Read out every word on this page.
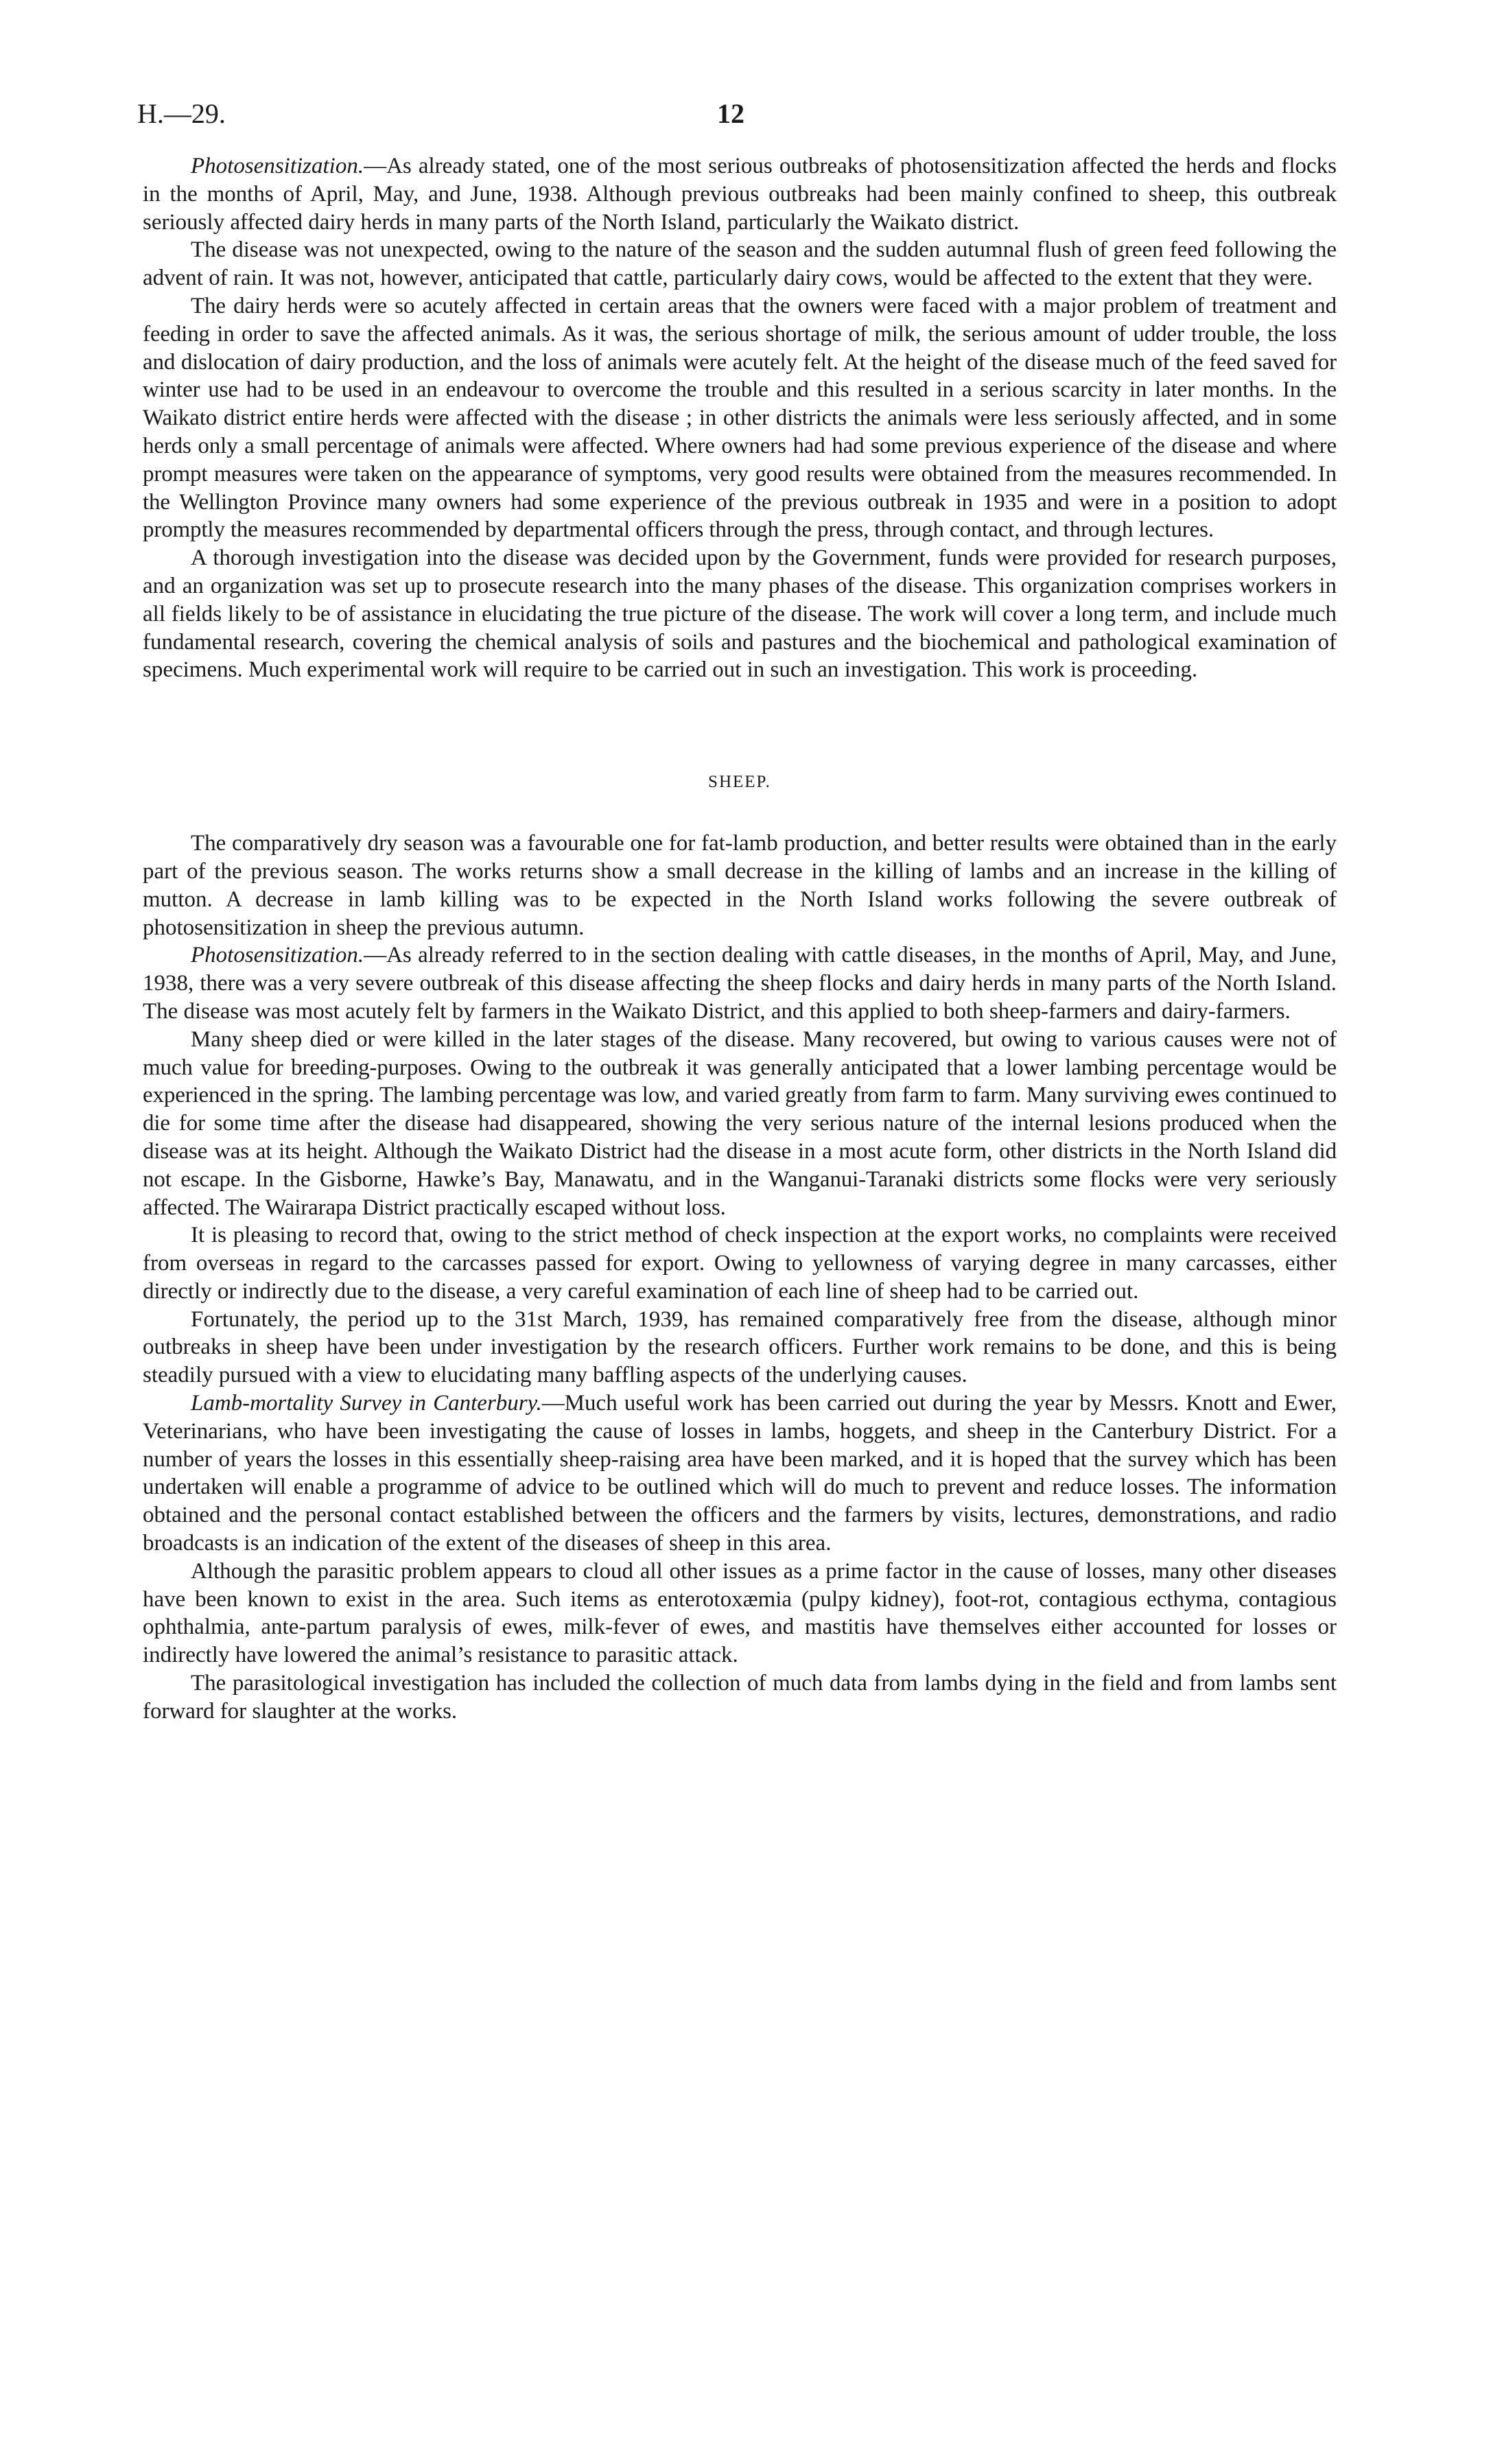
H.—29.	12

Photosensitization.—As already stated, one of the most serious outbreaks of photosensitization affected the herds and flocks in the months of April, May, and June, 1938. Although previous outbreaks had been mainly confined to sheep, this outbreak seriously affected dairy herds in many parts of the North Island, particularly the Waikato district.

The disease was not unexpected, owing to the nature of the season and the sudden autumnal flush of green feed following the advent of rain. It was not, however, anticipated that cattle, particularly dairy cows, would be affected to the extent that they were.

The dairy herds were so acutely affected in certain areas that the owners were faced with a major problem of treatment and feeding in order to save the affected animals. As it was, the serious shortage of milk, the serious amount of udder trouble, the loss and dislocation of dairy production, and the loss of animals were acutely felt. At the height of the disease much of the feed saved for winter use had to be used in an endeavour to overcome the trouble and this resulted in a serious scarcity in later months. In the Waikato district entire herds were affected with the disease ; in other districts the animals were less seriously affected, and in some herds only a small percentage of animals were affected. Where owners had had some previous experience of the disease and where prompt measures were taken on the appearance of symptoms, very good results were obtained from the measures recommended. In the Wellington Province many owners had some experience of the previous outbreak in 1935 and were in a position to adopt promptly the measures recommended by departmental officers through the press, through contact, and through lectures.

A thorough investigation into the disease was decided upon by the Government, funds were provided for research purposes, and an organization was set up to prosecute research into the many phases of the disease. This organization comprises workers in all fields likely to be of assistance in elucidating the true picture of the disease. The work will cover a long term, and include much fundamental research, covering the chemical analysis of soils and pastures and the biochemical and pathological examination of specimens. Much experimental work will require to be carried out in such an investigation. This work is proceeding.

SHEEP.

The comparatively dry season was a favourable one for fat-lamb production, and better results were obtained than in the early part of the previous season. The works returns show a small decrease in the killing of lambs and an increase in the killing of mutton. A decrease in lamb killing was to be expected in the North Island works following the severe outbreak of photosensitization in sheep the previous autumn.

Photosensitization.—As already referred to in the section dealing with cattle diseases, in the months of April, May, and June, 1938, there was a very severe outbreak of this disease affecting the sheep flocks and dairy herds in many parts of the North Island. The disease was most acutely felt by farmers in the Waikato District, and this applied to both sheep-farmers and dairy-farmers.

Many sheep died or were killed in the later stages of the disease. Many recovered, but owing to various causes were not of much value for breeding-purposes. Owing to the outbreak it was generally anticipated that a lower lambing percentage would be experienced in the spring. The lambing percentage was low, and varied greatly from farm to farm. Many surviving ewes continued to die for some time after the disease had disappeared, showing the very serious nature of the internal lesions produced when the disease was at its height. Although the Waikato District had the disease in a most acute form, other districts in the North Island did not escape. In the Gisborne, Hawke’s Bay, Manawatu, and in the Wanganui-Taranaki districts some flocks were very seriously affected. The Wairarapa District practically escaped without loss.

It is pleasing to record that, owing to the strict method of check inspection at the export works, no complaints were received from overseas in regard to the carcasses passed for export. Owing to yellowness of varying degree in many carcasses, either directly or indirectly due to the disease, a very careful examination of each line of sheep had to be carried out.

Fortunately, the period up to the 31st March, 1939, has remained comparatively free from the disease, although minor outbreaks in sheep have been under investigation by the research officers. Further work remains to be done, and this is being steadily pursued with a view to elucidating many baffling aspects of the underlying causes.

Lamb-mortality Survey in Canterbury.—Much useful work has been carried out during the year by Messrs. Knott and Ewer, Veterinarians, who have been investigating the cause of losses in lambs, hoggets, and sheep in the Canterbury District. For a number of years the losses in this essentially sheep-raising area have been marked, and it is hoped that the survey which has been undertaken will enable a programme of advice to be outlined which will do much to prevent and reduce losses. The information obtained and the personal contact established between the officers and the farmers by visits, lectures, demonstrations, and radio broadcasts is an indication of the extent of the diseases of sheep in this area.

Although the parasitic problem appears to cloud all other issues as a prime factor in the cause of losses, many other diseases have been known to exist in the area. Such items as enterotoxæmia (pulpy kidney), foot-rot, contagious ecthyma, contagious ophthalmia, ante-partum paralysis of ewes, milk-fever of ewes, and mastitis have themselves either accounted for losses or indirectly have lowered the animal’s resistance to parasitic attack.

The parasitological investigation has included the collection of much data from lambs dying in the field and from lambs sent forward for slaughter at the works.
